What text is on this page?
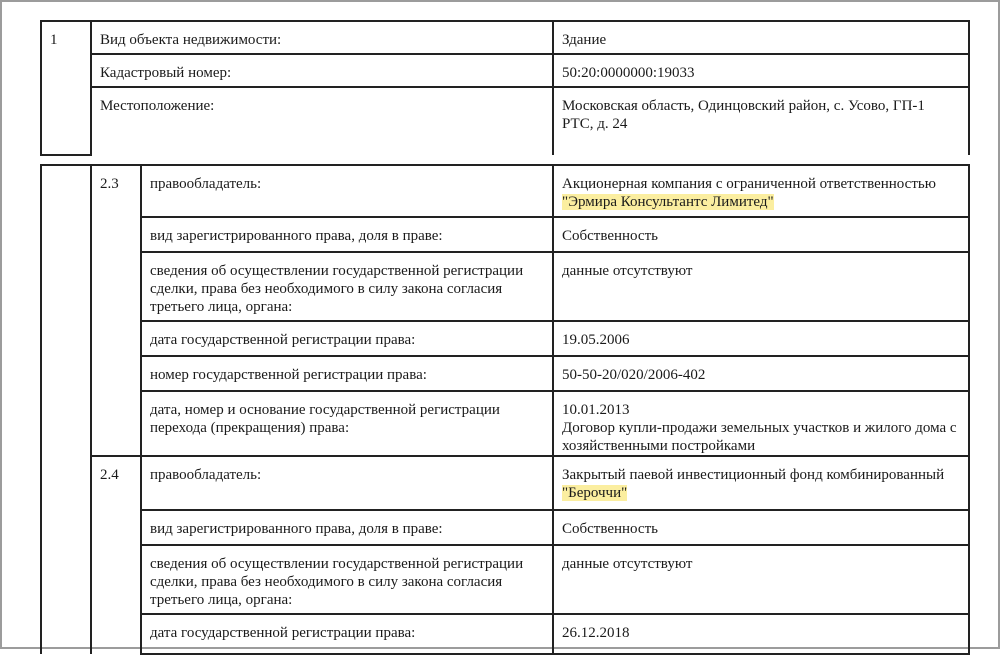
1	Вид объекта недвижимости:	Здание
	Кадастровый номер:	50:20:0000000:19033
	Местоположение:	Московская область, Одинцовский район, с. Усово, ГП-1 РТС, д. 24
	2.3	правообладатель:	Акционерная компания с ограниченной ответственностью "Эрмира Консультантс Лимитед"
		вид зарегистрированного права, доля в праве:	Собственность
		сведения об осуществлении государственной регистрации сделки, права без необходимого в силу закона согласия третьего лица, органа:	данные отсутствуют
		дата государственной регистрации права:	19.05.2006
		номер государственной регистрации права:	50-50-20/020/2006-402
		дата, номер и основание государственной регистрации перехода (прекращения) права:	10.01.2013
Договор купли-продажи земельных участков и жилого дома с хозяйственными постройками

	2.4	правообладатель:	Закрытый паевой инвестиционный фонд комбинированный "Бероччи"
		вид зарегистрированного права, доля в праве:	Собственность
		сведения об осуществлении государственной регистрации сделки, права без необходимого в силу закона согласия третьего лица, органа:	данные отсутствуют
		дата государственной регистрации права:	26.12.2018
